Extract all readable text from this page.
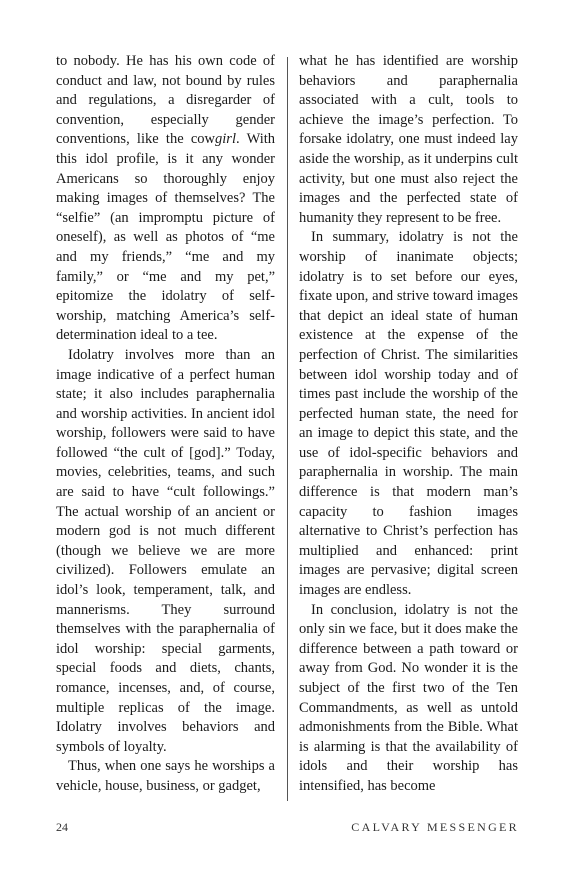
to nobody. He has his own code of conduct and law, not bound by rules and regulations, a disregarder of convention, especially gender conventions, like the cowgirl. With this idol profile, is it any wonder Americans so thoroughly enjoy making images of themselves? The “selfie” (an impromptu picture of oneself), as well as photos of “me and my friends,” “me and my family,” or “me and my pet,” epitomize the idolatry of self-worship, matching America’s self-determination ideal to a tee.

Idolatry involves more than an image indicative of a perfect human state; it also includes paraphernalia and worship activities. In ancient idol worship, followers were said to have followed “the cult of [god].” Today, movies, celebrities, teams, and such are said to have “cult followings.” The actual worship of an ancient or modern god is not much different (though we believe we are more civilized). Followers emulate an idol’s look, temperament, talk, and mannerisms. They surround themselves with the paraphernalia of idol worship: special garments, special foods and diets, chants, romance, incenses, and, of course, multiple replicas of the image. Idolatry involves behaviors and symbols of loyalty.

Thus, when one says he worships a vehicle, house, business, or gadget,

what he has identified are worship behaviors and paraphernalia associated with a cult, tools to achieve the image’s perfection. To forsake idolatry, one must indeed lay aside the worship, as it underpins cult activity, but one must also reject the images and the perfected state of humanity they represent to be free.

In summary, idolatry is not the worship of inanimate objects; idolatry is to set before our eyes, fixate upon, and strive toward images that depict an ideal state of human existence at the expense of the perfection of Christ. The similarities between idol worship today and of times past include the worship of the perfected human state, the need for an image to depict this state, and the use of idol-specific behaviors and paraphernalia in worship. The main difference is that modern man’s capacity to fashion images alternative to Christ’s perfection has multiplied and enhanced: print images are pervasive; digital screen images are endless.

In conclusion, idolatry is not the only sin we face, but it does make the difference between a path toward or away from God. No wonder it is the subject of the first two of the Ten Commandments, as well as untold admonishments from the Bible. What is alarming is that the availability of idols and their worship has intensified, has become

24	CALVARY MESSENGER
